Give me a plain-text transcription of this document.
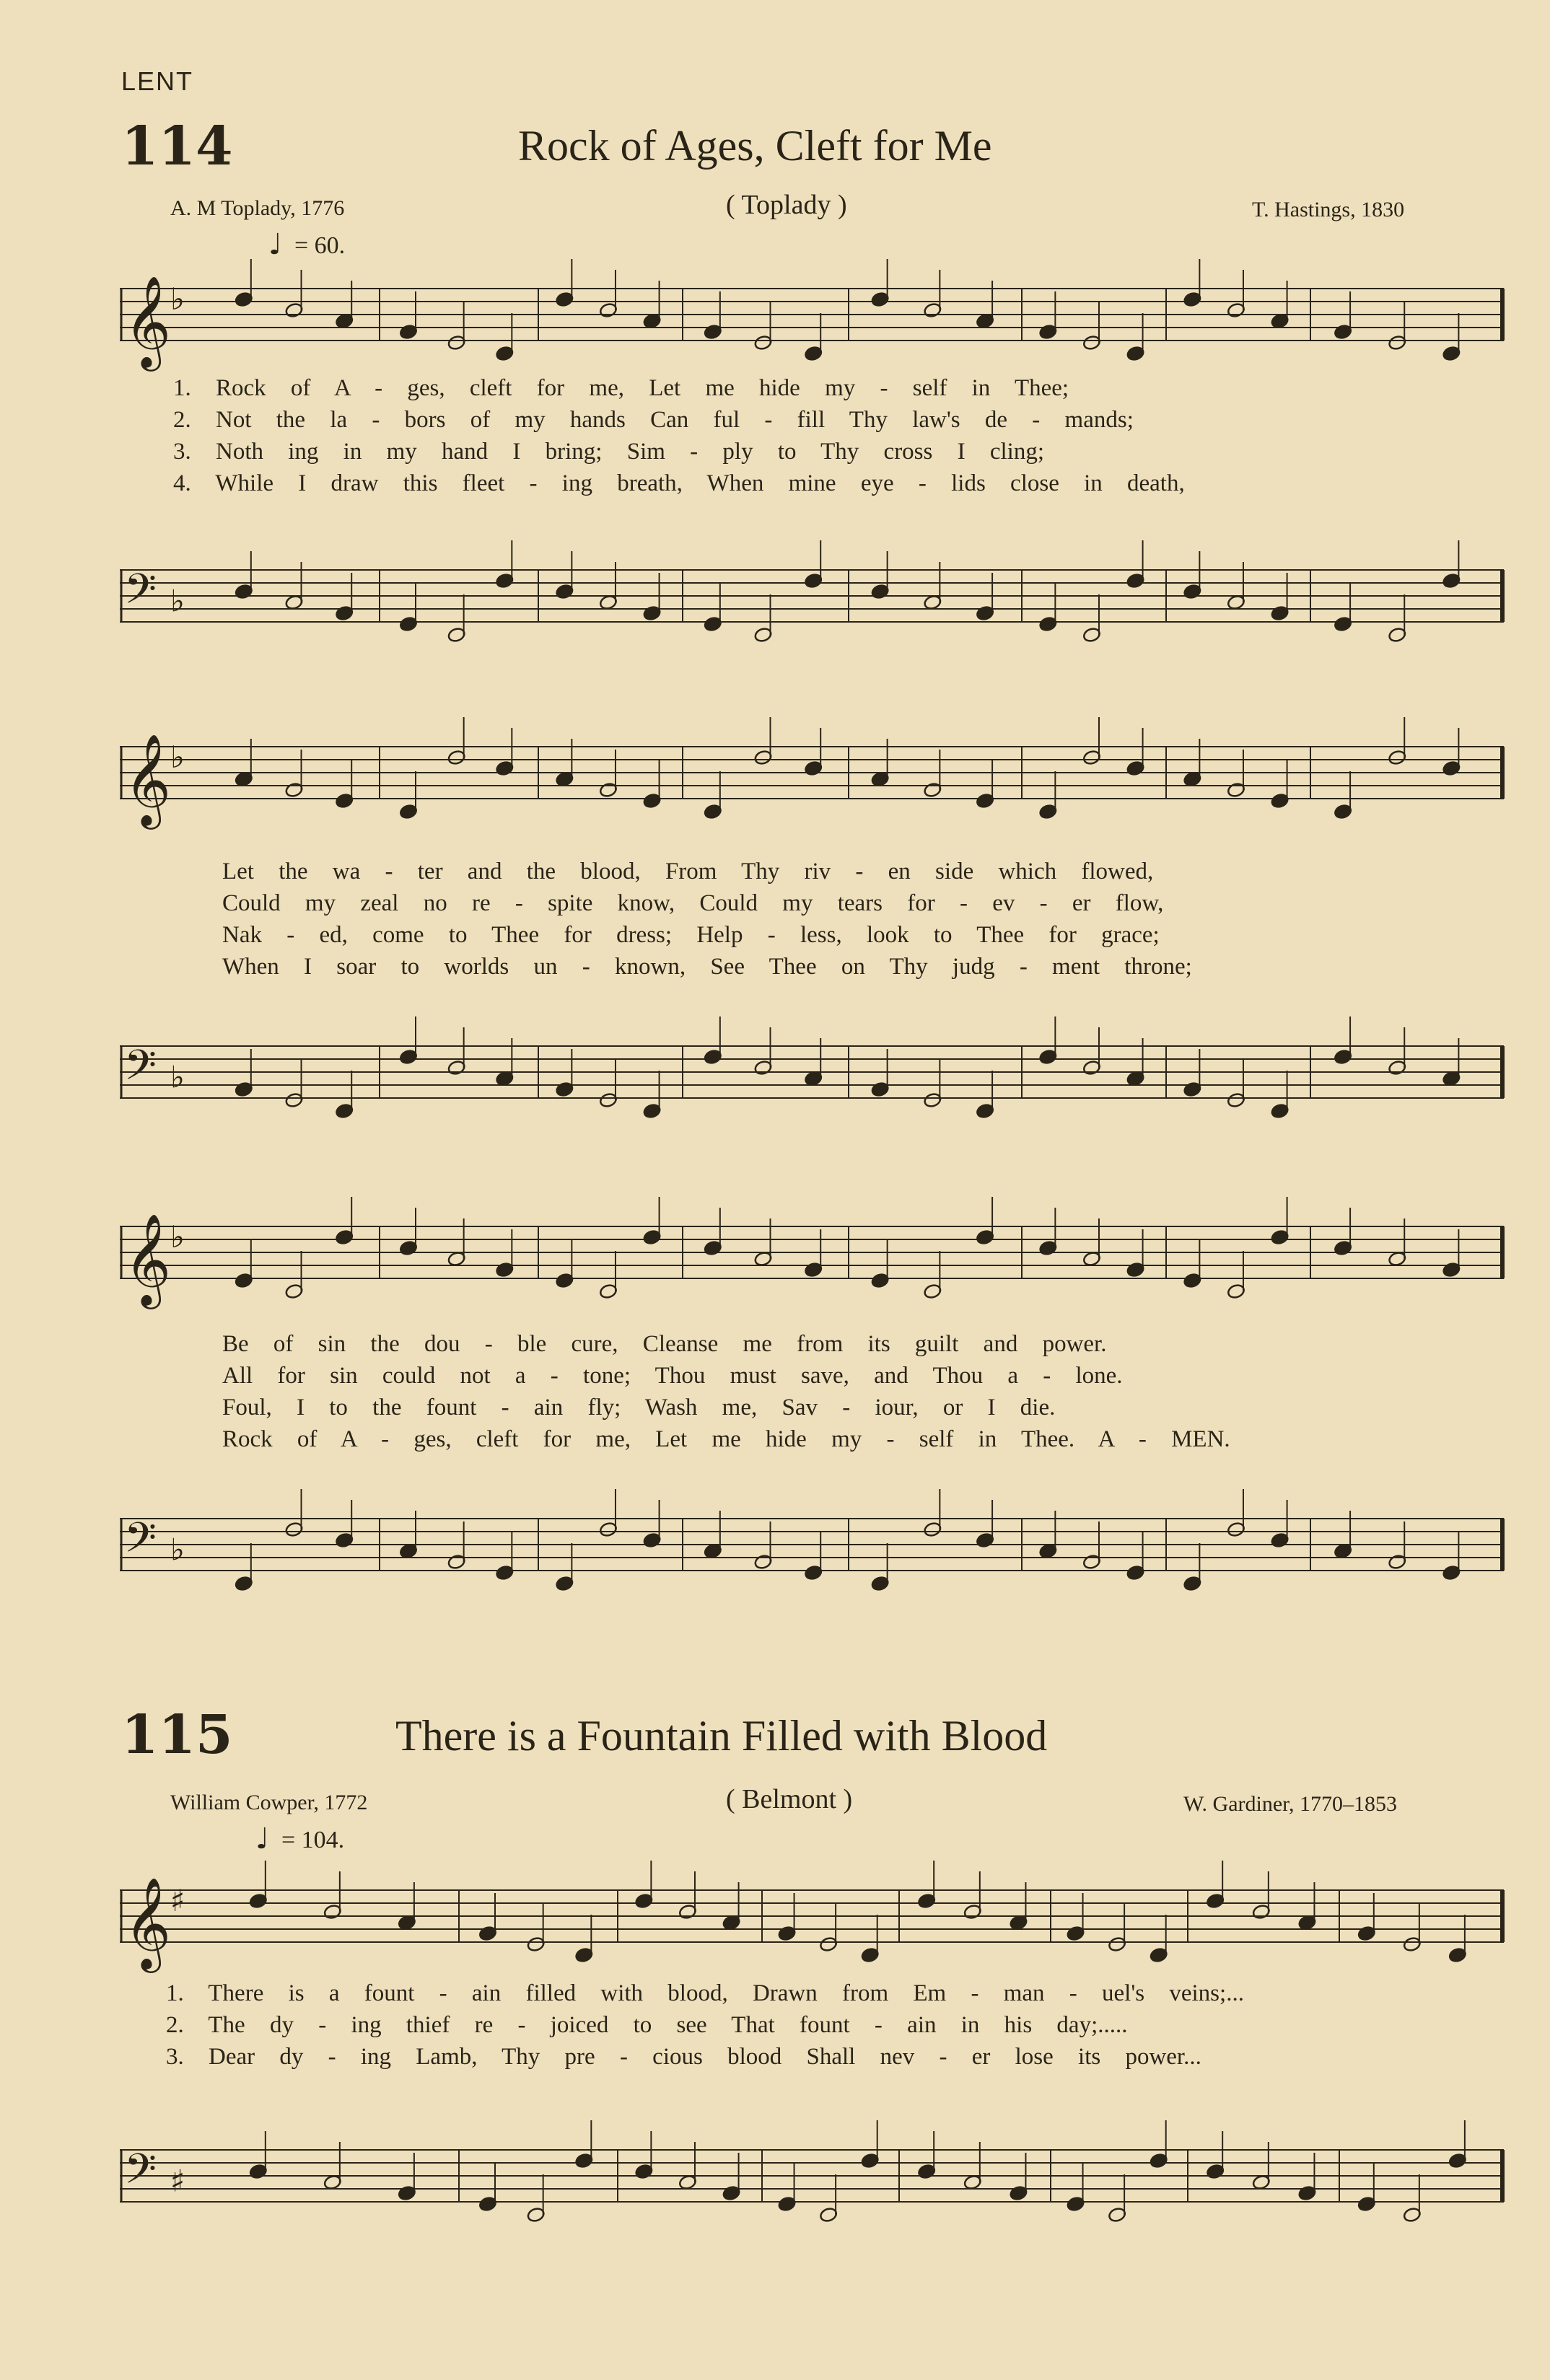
LENT
114	Rock of Ages, Cleft for Me
A. M Toplady, 1776	( Toplady )	T. Hastings, 1830
♩ = 60.
𝄞
♭
1. Rock of A - ges, cleft for me, Let me hide my - self in Thee;
2. Not the la - bors of my hands Can ful - fill Thy law's de - mands;
3. Noth ing in my hand I bring; Sim - ply to Thy cross I cling;
4. While I draw this fleet - ing breath, When mine eye - lids close in death,
𝄢 ♭
𝄞
♭
Let the wa - ter and the blood, From Thy riv - en side which flowed,
Could my zeal no re - spite know, Could my tears for - ev - er flow,
Nak - ed, come to Thee for dress; Help - less, look to Thee for grace;
When I soar to worlds un - known, See Thee on Thy judg - ment throne;
𝄢 ♭
𝄞
♭
Be of sin the dou - ble cure, Cleanse me from its guilt and power.
All for sin could not a - tone; Thou must save, and Thou a - lone.
Foul, I to the fount - ain fly; Wash me, Sav - iour, or I die.
Rock of A - ges, cleft for me, Let me hide my - self in Thee. A - MEN.
𝄢 ♭
115	There is a Fountain Filled with Blood
William Cowper, 1772	( Belmont )	W. Gardiner, 1770–1853
♩ = 104.
𝄞
♯
1. There is a fount - ain filled with blood, Drawn from Em - man - uel's veins;...
2. The dy - ing thief re - joiced to see That fount - ain in his day;.....
3. Dear dy - ing Lamb, Thy pre - cious blood Shall nev - er lose its power...
𝄢 ♯
